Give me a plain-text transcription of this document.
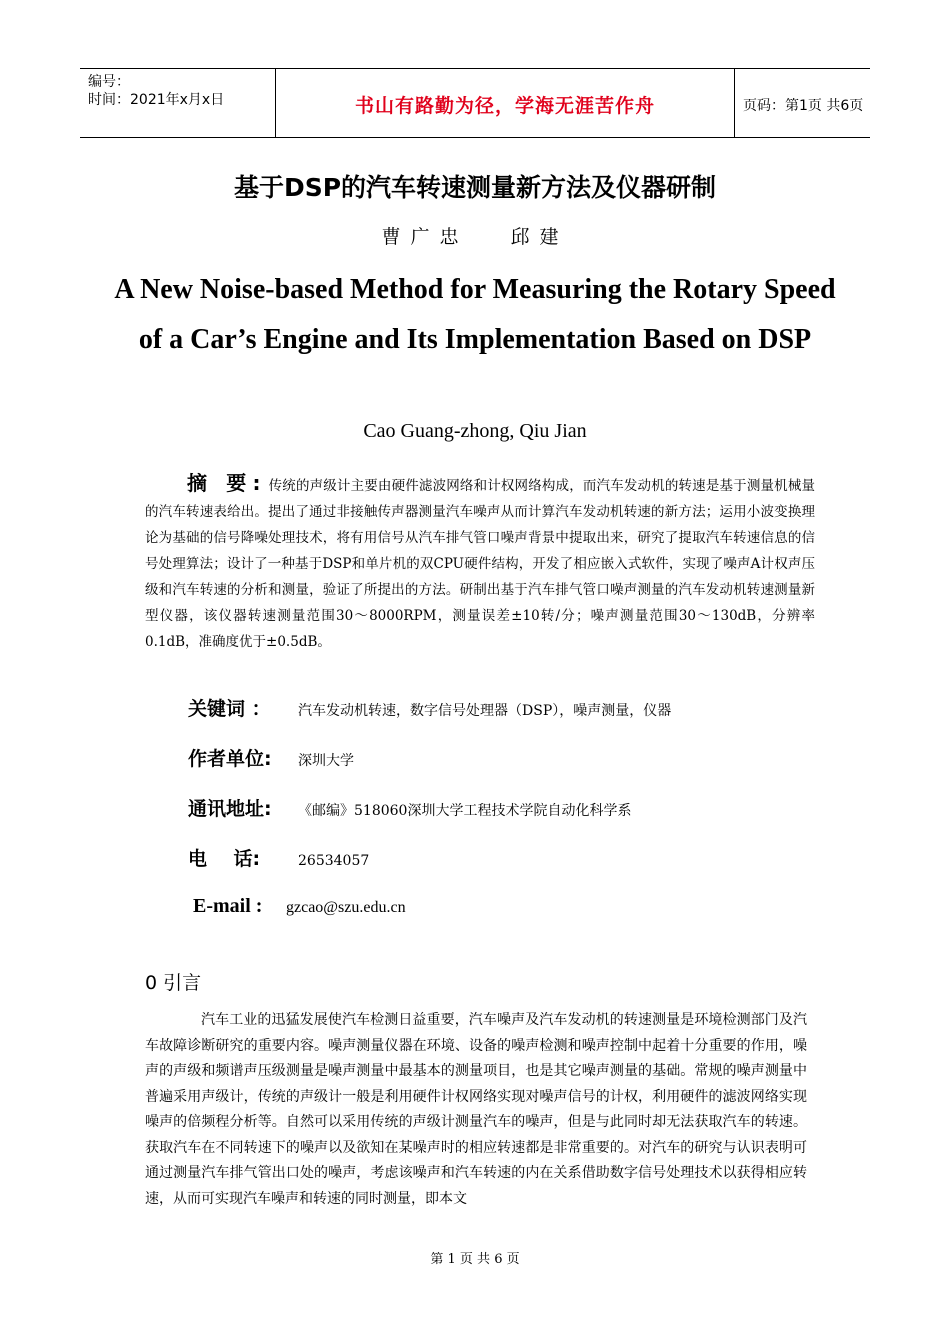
编号：
时间：2021年x月x日	书山有路勤为径，学海无涯苦作舟	页码：第1页 共6页
基于DSP的汽车转速测量新方法及仪器研制
曹广忠 邱建
A New Noise-based Method for Measuring the Rotary Speed of a Car’s Engine and Its Implementation Based on DSP
Cao Guang-zhong, Qiu Jian
摘 要: 传统的声级计主要由硬件滤波网络和计权网络构成，而汽车发动机的转速是基于测量机械量的汽车转速表给出。提出了通过非接触传声器测量汽车噪声从而计算汽车发动机转速的新方法；运用小波变换理论为基础的信号降噪处理技术，将有用信号从汽车排气管口噪声背景中提取出来，研究了提取汽车转速信息的信号处理算法；设计了一种基于DSP和单片机的双CPU硬件结构，开发了相应嵌入式软件，实现了噪声A计权声压级和汽车转速的分析和测量，验证了所提出的方法。研制出基于汽车排气管口噪声测量的汽车发动机转速测量新型仪器，该仪器转速测量范围30～8000RPM，测量误差±10转/分；噪声测量范围30～130dB，分辨率0.1dB，准确度优于±0.5dB。
关键词 ： 汽车发动机转速，数字信号处理器（DSP），噪声测量，仪器
作者单位: 深圳大学
通讯地址: 《邮编》518060深圳大学工程技术学院自动化科学系
电    话:	26534057
E-mail : gzcao@szu.edu.cn
0 引言
汽车工业的迅猛发展使汽车检测日益重要，汽车噪声及汽车发动机的转速测量是环境检测部门及汽车故障诊断研究的重要内容。噪声测量仪器在环境、设备的噪声检测和噪声控制中起着十分重要的作用，噪声的声级和频谱声压级测量是噪声测量中最基本的测量项目，也是其它噪声测量的基础。常规的噪声测量中普遍采用声级计，传统的声级计一般是利用硬件计权网络实现对噪声信号的计权，利用硬件的滤波网络实现噪声的倍频程分析等。自然可以采用传统的声级计测量汽车的噪声，但是与此同时却无法获取汽车的转速。获取汽车在不同转速下的噪声以及欲知在某噪声时的相应转速都是非常重要的。对汽车的研究与认识表明可通过测量汽车排气管出口处的噪声，考虑该噪声和汽车转速的内在关系借助数字信号处理技术以获得相应转速，从而可实现汽车噪声和转速的同时测量，即本文
第 1 页 共 6 页
